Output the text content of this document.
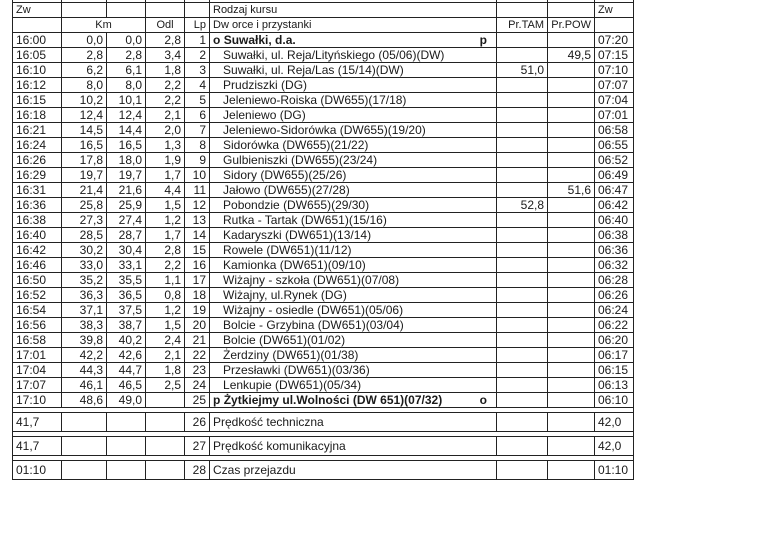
Zw					Rodzaj kursu			Zw
	Km		Odl	Lp	Dw orce i przystanki	Pr.TAM	Pr.POW	
16:00	0,0	0,0	2,8	1	o Suwałki, d.a. p			07:20
16:05	2,8	2,8	3,4	2	Suwałki, ul. Reja/Lityńskiego (05/06)(DW)		49,5	07:15
16:10	6,2	6,1	1,8	3	Suwałki, ul. Reja/Las (15/14)(DW)	51,0		07:10
16:12	8,0	8,0	2,2	4	Prudziszki (DG)			07:07
16:15	10,2	10,1	2,2	5	Jeleniewo-Roiska (DW655)(17/18)			07:04
16:18	12,4	12,4	2,1	6	Jeleniewo (DG)			07:01
16:21	14,5	14,4	2,0	7	Jeleniewo-Sidorówka (DW655)(19/20)			06:58
16:24	16,5	16,5	1,3	8	Sidorówka (DW655)(21/22)			06:55
16:26	17,8	18,0	1,9	9	Gulbieniszki (DW655)(23/24)			06:52
16:29	19,7	19,7	1,7	10	Sidory (DW655)(25/26)			06:49
16:31	21,4	21,6	4,4	11	Jałowo (DW655)(27/28)		51,6	06:47
16:36	25,8	25,9	1,5	12	Pobondzie (DW655)(29/30)	52,8		06:42
16:38	27,3	27,4	1,2	13	Rutka - Tartak (DW651)(15/16)			06:40
16:40	28,5	28,7	1,7	14	Kadaryszki (DW651)(13/14)			06:38
16:42	30,2	30,4	2,8	15	Rowele (DW651)(11/12)			06:36
16:46	33,0	33,1	2,2	16	Kamionka (DW651)(09/10)			06:32
16:50	35,2	35,5	1,1	17	Wiżajny - szkoła (DW651)(07/08)			06:28
16:52	36,3	36,5	0,8	18	Wiżajny, ul.Rynek (DG)			06:26
16:54	37,1	37,5	1,2	19	Wiżajny - osiedle (DW651)(05/06)			06:24
16:56	38,3	38,7	1,5	20	Bolcie - Grzybina (DW651)(03/04)			06:22
16:58	39,8	40,2	2,4	21	Bolcie (DW651)(01/02)			06:20
17:01	42,2	42,6	2,1	22	Żerdziny (DW651)(01/38)			06:17
17:04	44,3	44,7	1,8	23	Przesławki (DW651)(03/36)			06:15
17:07	46,1	46,5	2,5	24	Lenkupie (DW651)(05/34)			06:13
17:10	48,6	49,0		25	p Żytkiejmy ul.Wolności (DW 651)(07/32) o			06:10

41,7				26	Prędkość techniczna			42,0

41,7				27	Prędkość komunikacyjna			42,0

01:10				28	Czas przejazdu			01:10
